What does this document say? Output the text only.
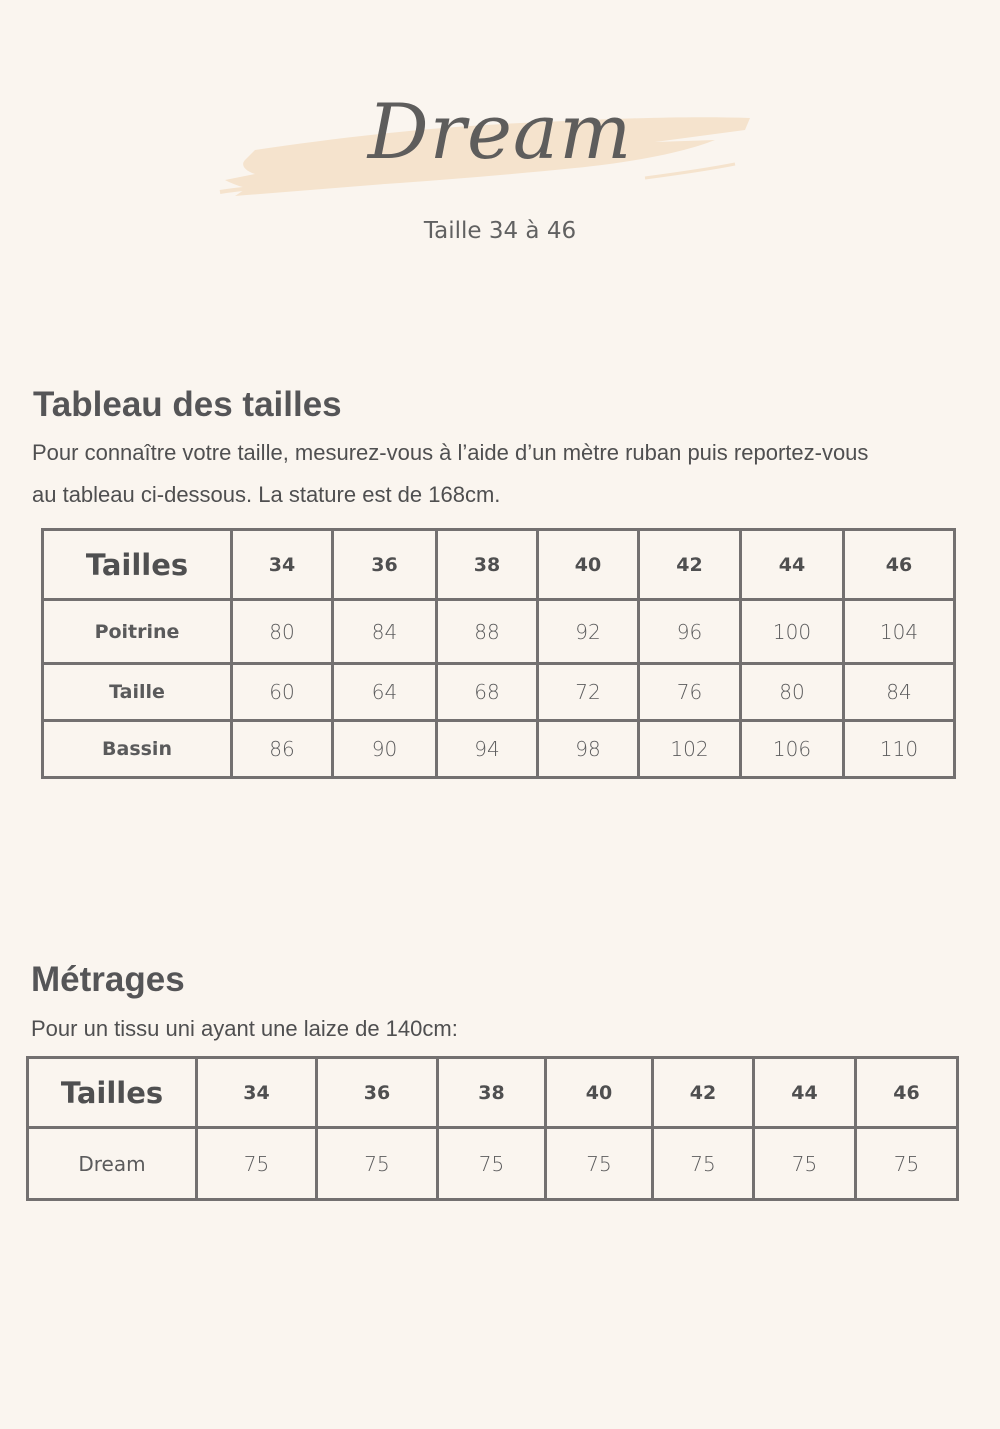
Dream
Taille 34 à 46
Tableau des tailles
Pour connaître votre taille, mesurez-vous à l’aide d’un mètre ruban puis reportez-vous
au tableau ci-dessous. La stature est de 168cm.
Tailles	34	36	38	40	42	44	46
Poitrine	80	84	88	92	96	100	104
Taille	60	64	68	72	76	80	84
Bassin	86	90	94	98	102	106	110
Métrages
Pour un tissu uni ayant une laize de 140cm:
Tailles	34	36	38	40	42	44	46
Dream	75	75	75	75	75	75	75
